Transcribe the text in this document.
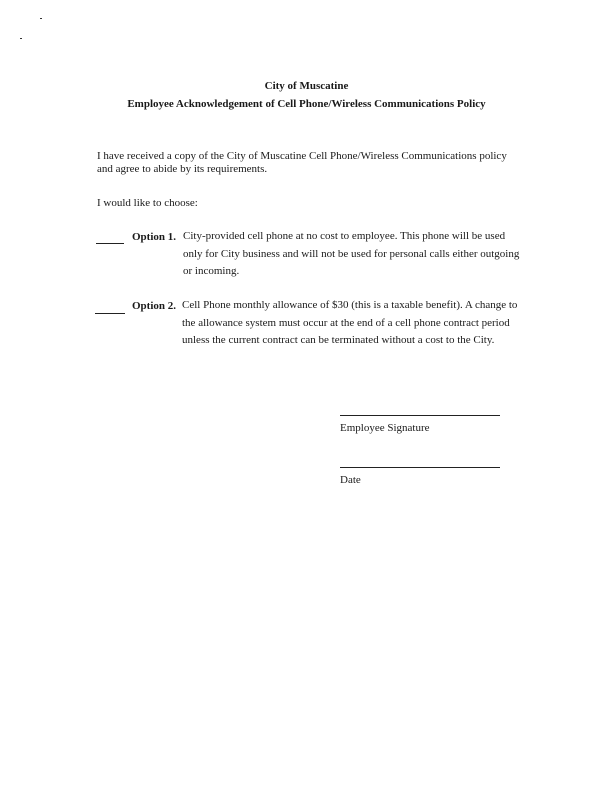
City of Muscatine
Employee Acknowledgement of Cell Phone/Wireless Communications Policy
I have received a copy of the City of Muscatine Cell Phone/Wireless Communications policy
and agree to abide by its requirements.
I would like to choose:
Option 1. City-provided cell phone at no cost to employee. This phone will be used
only for City business and will not be used for personal calls either outgoing
or incoming.
Option 2. Cell Phone monthly allowance of $30 (this is a taxable benefit). A change to
the allowance system must occur at the end of a cell phone contract period
unless the current contract can be terminated without a cost to the City.
Employee Signature
Date
